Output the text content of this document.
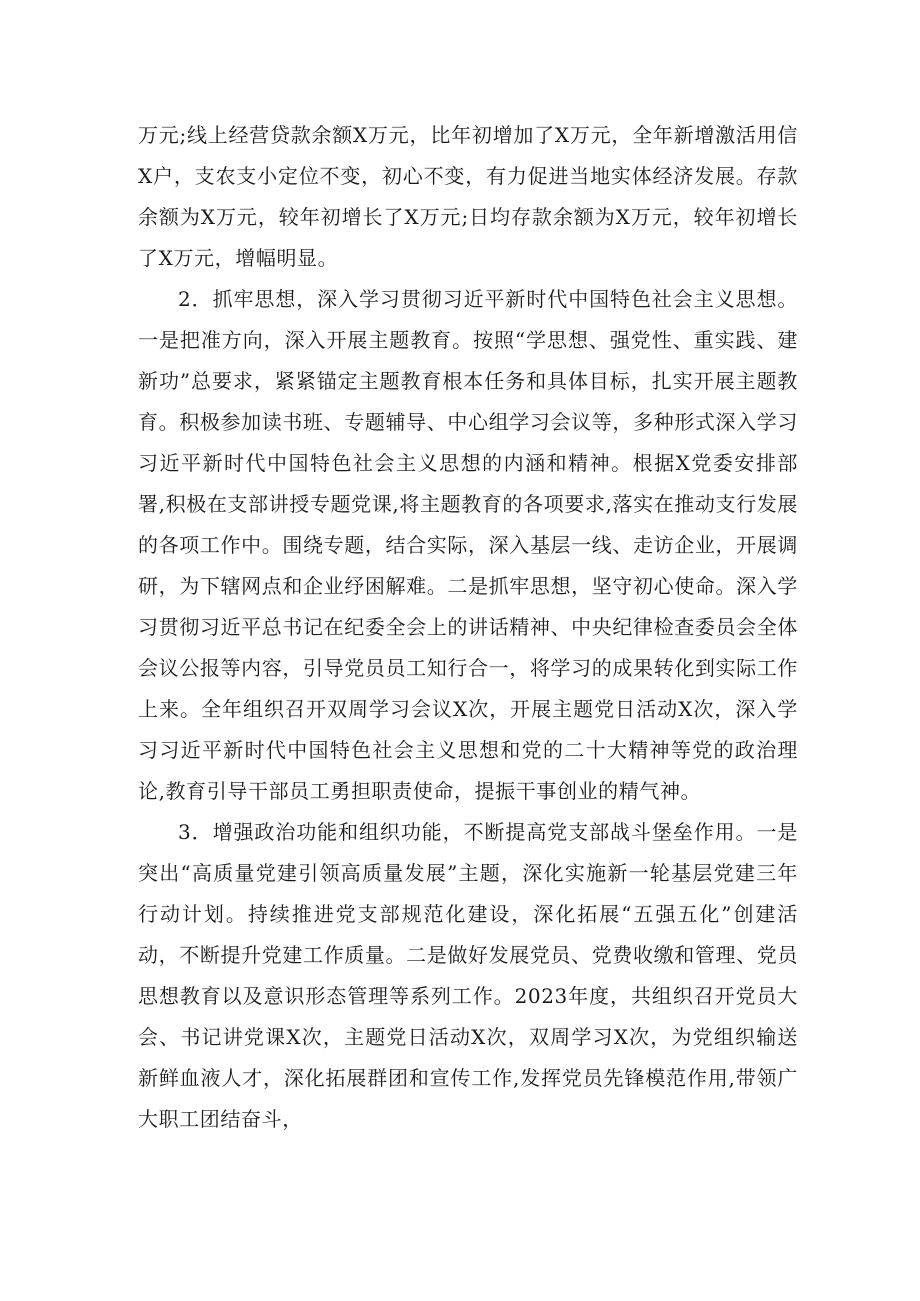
万元;线上经营贷款余额X万元，比年初增加了X万元，全年新增激活用信X户，支农支小定位不变，初心不变，有力促进当地实体经济发展。存款余额为X万元，较年初增长了X万元;日均存款余额为X万元，较年初增长了X万元，增幅明显。

2．抓牢思想，深入学习贯彻习近平新时代中国特色社会主义思想。一是把准方向，深入开展主题教育。按照“学思想、强党性、重实践、建新功”总要求，紧紧锚定主题教育根本任务和具体目标，扎实开展主题教育。积极参加读书班、专题辅导、中心组学习会议等，多种形式深入学习习近平新时代中国特色社会主义思想的内涵和精神。根据X党委安排部署,积极在支部讲授专题党课,将主题教育的各项要求,落实在推动支行发展的各项工作中。围绕专题，结合实际，深入基层一线、走访企业，开展调研，为下辖网点和企业纾困解难。二是抓牢思想，坚守初心使命。深入学习贯彻习近平总书记在纪委全会上的讲话精神、中央纪律检查委员会全体会议公报等内容，引导党员员工知行合一，将学习的成果转化到实际工作上来。全年组织召开双周学习会议X次，开展主题党日活动X次，深入学习习近平新时代中国特色社会主义思想和党的二十大精神等党的政治理论,教育引导干部员工勇担职责使命，提振干事创业的精气神。

3．增强政治功能和组织功能，不断提高党支部战斗堡垒作用。一是突出“高质量党建引领高质量发展”主题，深化实施新一轮基层党建三年行动计划。持续推进党支部规范化建设，深化拓展“五强五化”创建活动，不断提升党建工作质量。二是做好发展党员、党费收缴和管理、党员思想教育以及意识形态管理等系列工作。2023年度，共组织召开党员大会、书记讲党课X次，主题党日活动X次，双周学习X次，为党组织输送新鲜血液人才，深化拓展群团和宣传工作,发挥党员先锋模范作用,带领广大职工团结奋斗，
